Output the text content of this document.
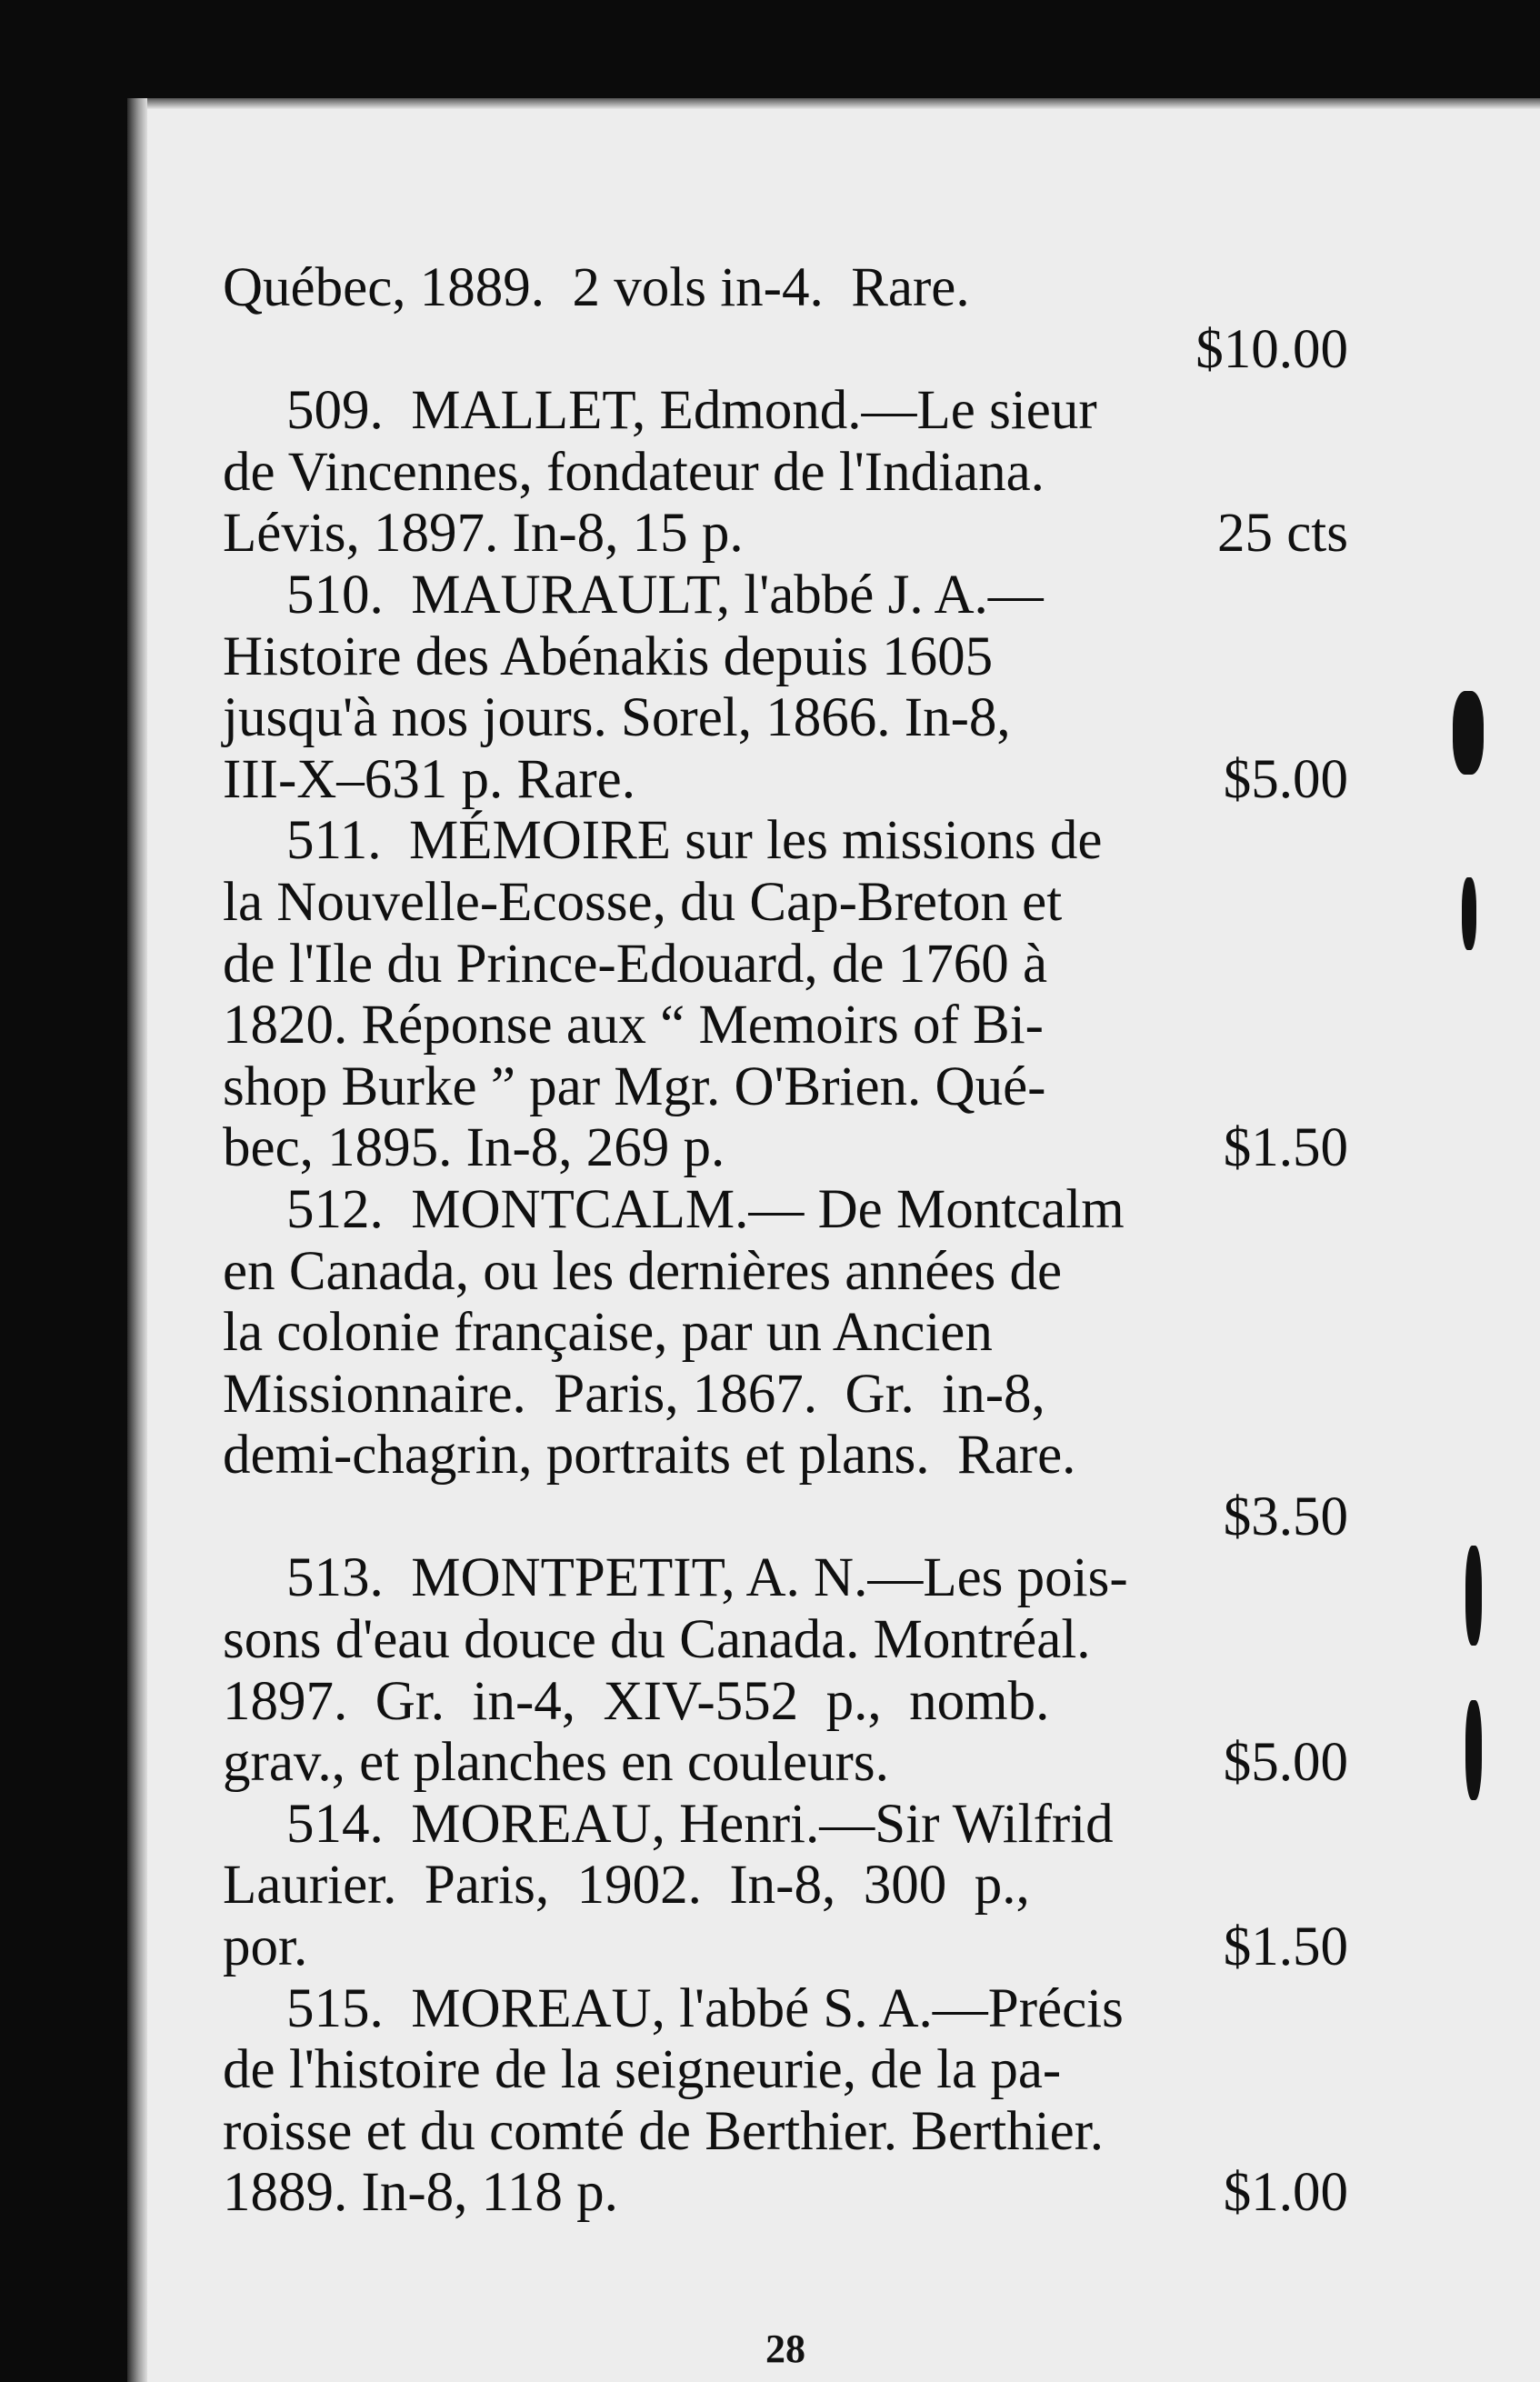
Québec, 1889.  2 vols in-4.  Rare.
$10.00
509.  MALLET, Edmond.—Le sieur
de Vincennes, fondateur de l'Indiana.
Lévis, 1897. In-8, 15 p.	25 cts
510.  MAURAULT, l'abbé J. A.—
Histoire des Abénakis depuis 1605
jusqu'à nos jours. Sorel, 1866. In-8,
III-X–631 p. Rare.	$5.00
511.  MÉMOIRE sur les missions de
la Nouvelle-Ecosse, du Cap-Breton et
de l'Ile du Prince-Edouard, de 1760 à
1820. Réponse aux “ Memoirs of Bi-
shop Burke ” par Mgr. O'Brien. Qué-
bec, 1895. In-8, 269 p.	$1.50
512.  MONTCALM.— De Montcalm
en Canada, ou les dernières années de
la colonie française, par un Ancien
Missionnaire.  Paris, 1867.  Gr.  in-8,
demi-chagrin, portraits et plans.  Rare.
$3.50
513.  MONTPETIT, A. N.—Les pois-
sons d'eau douce du Canada. Montréal.
1897.  Gr.  in-4,  XIV-552  p.,  nomb.
grav., et planches en couleurs.	$5.00
514.  MOREAU, Henri.—Sir Wilfrid
Laurier.  Paris,  1902.  In-8,  300  p.,
por.	$1.50
515.  MOREAU, l'abbé S. A.—Précis
de l'histoire de la seigneurie, de la pa-
roisse et du comté de Berthier. Berthier.
1889. In-8, 118 p.	$1.00
28
